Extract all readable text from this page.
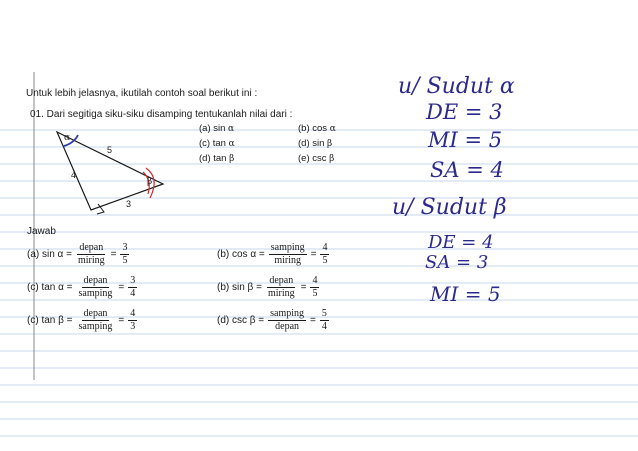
α
5
4
β
3
Untuk lebih jelasnya, ikutilah contoh soal berikut ini :
01. Dari segitiga siku-siku disamping tentukanlah nilai dari :
(a) sin α	(b) cos α
(c) tan α	(d) sin β
(d) tan β	(e) csc β
Jawab
(a) $\sin \alpha = \frac{\text{depan}}{\text{miring}} = \frac{3}{5}$	(b) $\cos \alpha = \frac{\text{samping}}{\text{miring}} = \frac{4}{5}$
(c) $\tan \alpha = \frac{\text{depan}}{\text{samping}} = \frac{3}{4}$	(b) $\sin \beta = \frac{\text{depan}}{\text{miring}} = \frac{4}{5}$
(c) $\tan \beta = \frac{\text{depan}}{\text{samping}} = \frac{4}{3}$	(d) $\csc \beta = \frac{\text{samping}}{\text{depan}} = \frac{5}{4}$
u/ Sudut α
DE = 3
MI = 5
SA = 4
u/ Sudut β
DE = 4
SA = 3
MI = 5
